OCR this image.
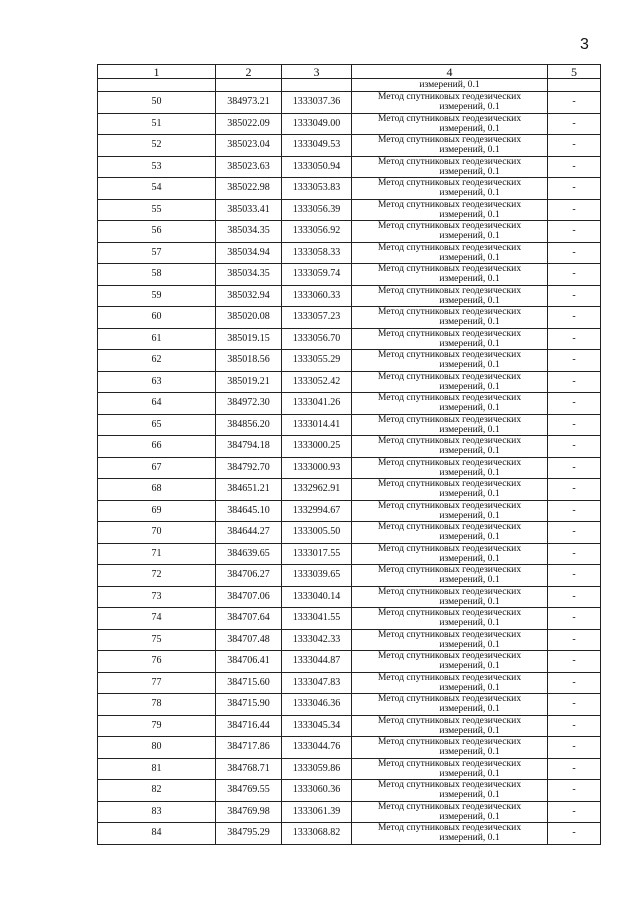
3
1	2	3	4	5
			измерений, 0.1	
50	384973.21	1333037.36	Метод спутниковых геодезических
измерений, 0.1	-
51	385022.09	1333049.00	Метод спутниковых геодезических
измерений, 0.1	-
52	385023.04	1333049.53	Метод спутниковых геодезических
измерений, 0.1	-
53	385023.63	1333050.94	Метод спутниковых геодезических
измерений, 0.1	-
54	385022.98	1333053.83	Метод спутниковых геодезических
измерений, 0.1	-
55	385033.41	1333056.39	Метод спутниковых геодезических
измерений, 0.1	-
56	385034.35	1333056.92	Метод спутниковых геодезических
измерений, 0.1	-
57	385034.94	1333058.33	Метод спутниковых геодезических
измерений, 0.1	-
58	385034.35	1333059.74	Метод спутниковых геодезических
измерений, 0.1	-
59	385032.94	1333060.33	Метод спутниковых геодезических
измерений, 0.1	-
60	385020.08	1333057.23	Метод спутниковых геодезических
измерений, 0.1	-
61	385019.15	1333056.70	Метод спутниковых геодезических
измерений, 0.1	-
62	385018.56	1333055.29	Метод спутниковых геодезических
измерений, 0.1	-
63	385019.21	1333052.42	Метод спутниковых геодезических
измерений, 0.1	-
64	384972.30	1333041.26	Метод спутниковых геодезических
измерений, 0.1	-
65	384856.20	1333014.41	Метод спутниковых геодезических
измерений, 0.1	-
66	384794.18	1333000.25	Метод спутниковых геодезических
измерений, 0.1	-
67	384792.70	1333000.93	Метод спутниковых геодезических
измерений, 0.1	-
68	384651.21	1332962.91	Метод спутниковых геодезических
измерений, 0.1	-
69	384645.10	1332994.67	Метод спутниковых геодезических
измерений, 0.1	-
70	384644.27	1333005.50	Метод спутниковых геодезических
измерений, 0.1	-
71	384639.65	1333017.55	Метод спутниковых геодезических
измерений, 0.1	-
72	384706.27	1333039.65	Метод спутниковых геодезических
измерений, 0.1	-
73	384707.06	1333040.14	Метод спутниковых геодезических
измерений, 0.1	-
74	384707.64	1333041.55	Метод спутниковых геодезических
измерений, 0.1	-
75	384707.48	1333042.33	Метод спутниковых геодезических
измерений, 0.1	-
76	384706.41	1333044.87	Метод спутниковых геодезических
измерений, 0.1	-
77	384715.60	1333047.83	Метод спутниковых геодезических
измерений, 0.1	-
78	384715.90	1333046.36	Метод спутниковых геодезических
измерений, 0.1	-
79	384716.44	1333045.34	Метод спутниковых геодезических
измерений, 0.1	-
80	384717.86	1333044.76	Метод спутниковых геодезических
измерений, 0.1	-
81	384768.71	1333059.86	Метод спутниковых геодезических
измерений, 0.1	-
82	384769.55	1333060.36	Метод спутниковых геодезических
измерений, 0.1	-
83	384769.98	1333061.39	Метод спутниковых геодезических
измерений, 0.1	-
84	384795.29	1333068.82	Метод спутниковых геодезических
измерений, 0.1	-
